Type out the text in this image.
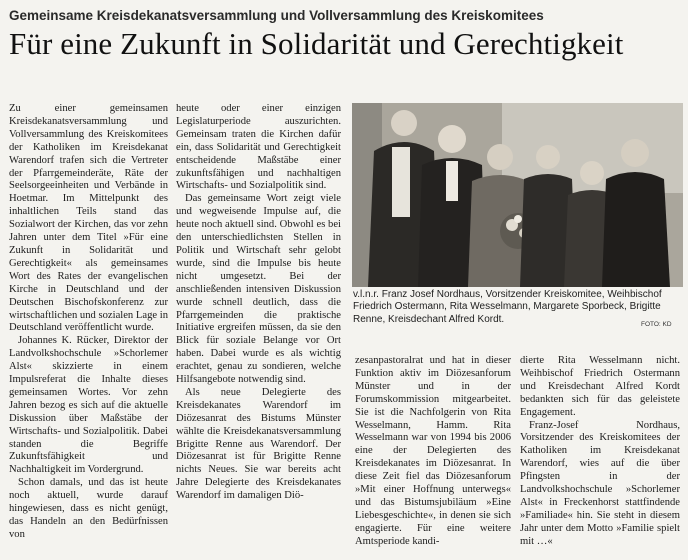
Gemeinsame Kreisdekanatsversammlung und Vollversammlung des Kreiskomitees
Für eine Zukunft in Solidarität und Gerechtigkeit

Zu einer gemeinsamen Kreisdekanatsversammlung und Vollversammlung des Kreiskomitees der Katholiken im Kreisdekanat Warendorf trafen sich die Vertreter der Pfarrgemeinderäte, Räte der Seelsorgeeinheiten und Verbände in Hoetmar. Im Mittelpunkt des inhaltlichen Teils stand das Sozialwort der Kirchen, das vor zehn Jahren unter dem Titel »Für eine Zukunft in Solidarität und Gerechtigkeit« als gemeinsames Wort des Rates der evangelischen Kirche in Deutschland und der Deutschen Bischofskonferenz zur wirtschaftlichen und sozialen Lage in Deutschland veröffentlicht wurde.

Johannes K. Rücker, Direktor der Landvolkshochschule »Schorlemer Alst« skizzierte in einem Impulsreferat die Inhalte dieses gemeinsamen Wortes. Vor zehn Jahren bezog es sich auf die aktuelle Diskussion über Maßstäbe der Wirtschafts- und Sozialpolitik. Dabei standen die Begriffe Zukunftsfähigkeit und Nachhaltigkeit im Vordergrund.

Schon damals, und das ist heute noch aktuell, wurde darauf hingewiesen, dass es nicht genügt, das Handeln an den Bedürfnissen von

heute oder einer einzigen Legislaturperiode auszurichten. Gemeinsam traten die Kirchen dafür ein, dass Solidarität und Gerechtigkeit entscheidende Maßstäbe einer zukunftsfähigen und nachhaltigen Wirtschafts- und Sozialpolitik sind.

Das gemeinsame Wort zeigt viele und wegweisende Impulse auf, die heute noch aktuell sind. Obwohl es bei den unterschiedlichsten Stellen in Politik und Wirtschaft sehr gelobt wurde, sind die Impulse bis heute nicht umgesetzt. Bei der anschließenden intensiven Diskussion wurde schnell deutlich, dass die Pfarrgemeinden die praktische Initiative ergreifen müssen, da sie den Blick für soziale Belange vor Ort haben. Dabei wurde es als wichtig erachtet, genau zu sondieren, welche Hilfsangebote notwendig sind.

Als neue Delegierte des Kreisdekanates Warendorf im Diözesanrat des Bistums Münster wählte die Kreisdekanatsversammlung Brigitte Renne aus Warendorf. Der Diözesanrat ist für Brigitte Renne nichts Neues. Sie war bereits acht Jahre Delegierte des Kreisdekanates Warendorf im damaligen Diö-

v.l.n.r. Franz Josef Nordhaus, Vorsitzender Kreiskomitee, Weihbischof Friedrich Ostermann, Rita Wesselmann, Margarete Sporbeck, Brigitte Renne, Kreisdechant Alfred Kordt.	FOTO: KD

zesanpastoralrat und hat in dieser Funktion aktiv im Diözesanforum Münster und in der Forumskommission mitgearbeitet. Sie ist die Nachfolgerin von Rita Wesselmann, Hamm. Rita Wesselmann war von 1994 bis 2006 eine der Delegierten des Kreisdekanates im Diözesanrat. In diese Zeit fiel das Diözesanforum »Mit einer Hoffnung unterwegs« und das Bistumsjubiläum »Eine Liebesgeschichte«, in denen sie sich engagierte. Für eine weitere Amtsperiode kandi-

dierte Rita Wesselmann nicht. Weihbischof Friedrich Ostermann und Kreisdechant Alfred Kordt bedankten sich für das geleistete Engagement.

Franz-Josef Nordhaus, Vorsitzender des Kreiskomitees der Katholiken im Kreisdekanat Warendorf, wies auf die über Pfingsten in der Landvolkshochschule »Schorlemer Alst« in Freckenhorst stattfindende »Familiade« hin. Sie steht in diesem Jahr unter dem Motto »Familie spielt mit …«
